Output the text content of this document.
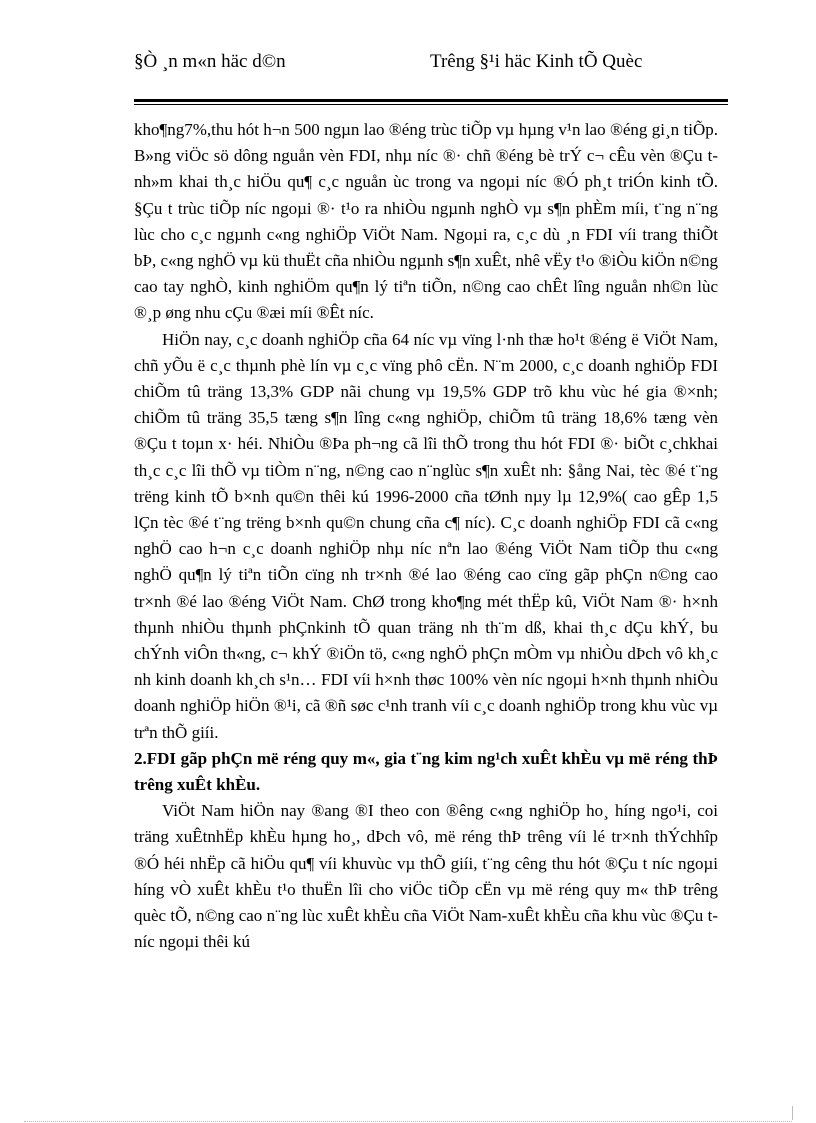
§Ò ¸n m«n häc d©n	Trêng §¹i häc Kinh tÕ Quèc

kho¶ng7%,thu hót h¬n 500 ngµn lao ®éng trùc tiÕp vµ hµng v¹n lao ®éng gi¸n tiÕp. B»ng viÖc sö dông nguån vèn FDI, nhµ níc ®· chñ ®éng bè trÝ c¬ cÊu vèn ®Çu t nh»m khai th¸c hiÖu qu¶ c¸c nguån ùc trong va ngoµi níc ®Ó ph¸t triÓn kinh tÕ. §Çu t trùc tiÕp níc ngoµi ®· t¹o ra nhiÒu ngµnh nghÒ vµ s¶n phÈm míi, t¨ng n¨ng lùc cho c¸c ngµnh c«ng nghiÖp ViÖt Nam. Ngoµi ra, c¸c dù ¸n FDI víi trang thiÕt bÞ, c«ng nghÖ vµ kü thuËt cña nhiÒu ngµnh s¶n xuÊt, nhê vËy t¹o ®iÒu kiÖn n©ng cao tay nghÒ, kinh nghiÖm qu¶n lý tiªn tiÕn, n©ng cao chÊt lîng nguån nh©n lùc ®¸p øng nhu cÇu ®æi míi ®Êt níc.

HiÖn nay, c¸c doanh nghiÖp cña 64 níc vµ vïng l·nh thæ ho¹t ®éng ë ViÖt Nam, chñ yÕu ë c¸c thµnh phè lín vµ c¸c vïng phô cËn. N¨m 2000, c¸c doanh nghiÖp FDI chiÕm tû träng 13,3% GDP nãi chung vµ 19,5% GDP trõ khu vùc hé gia ®×nh; chiÕm tû träng 35,5 tæng s¶n lîng c«ng nghiÖp, chiÕm tû träng 18,6% tæng vèn ®Çu t toµn x· héi. NhiÒu ®Þa ph¬ng cã lîi thÕ trong thu hót FDI ®· biÕt c¸chkhai th¸c c¸c lîi thÕ vµ tiÒm n¨ng, n©ng cao n¨nglùc s¶n xuÊt nh: §ång Nai, tèc ®é t¨ng trëng kinh tÕ b×nh qu©n thêi kú 1996-2000 cña tØnh nµy lµ 12,9%( cao gÊp 1,5 lÇn tèc ®é t¨ng trëng b×nh qu©n chung cña c¶ níc). C¸c doanh nghiÖp FDI cã c«ng nghÖ cao h¬n c¸c doanh nghiÖp nhµ níc nªn lao ®éng ViÖt Nam tiÕp thu c«ng nghÖ qu¶n lý tiªn tiÕn cïng nh tr×nh ®é lao ®éng cao cïng gãp phÇn n©ng cao tr×nh ®é lao ®éng ViÖt Nam. ChØ trong kho¶ng mét thËp kû, ViÖt Nam ®· h×nh thµnh nhiÒu thµnh phÇnkinh tÕ quan träng nh th¨m dß, khai th¸c dÇu khÝ, bu chÝnh viÔn th«ng, c¬ khÝ ®iÖn tö, c«ng nghÖ phÇn mÒm vµ nhiÒu dÞch vô kh¸c nh kinh doanh kh¸ch s¹n… FDI víi h×nh thøc 100% vèn níc ngoµi h×nh thµnh nhiÒu doanh nghiÖp hiÖn ®¹i, cã ®ñ søc c¹nh tranh víi c¸c doanh nghiÖp trong khu vùc vµ trªn thÕ giíi.

2.FDI gãp phÇn më réng quy m«, gia t¨ng kim ng¹ch xuÊt khÈu vµ më réng thÞ trêng xuÊt khÈu.

ViÖt Nam hiÖn nay ®ang ®I theo con ®êng c«ng nghiÖp ho¸ híng ngo¹i, coi träng xuÊtnhËp khÈu hµng ho¸, dÞch vô, më réng thÞ trêng víi lé tr×nh thÝchhîp ®Ó héi nhËp cã hiÖu qu¶ víi khuvùc vµ thÕ giíi, t¨ng cêng thu hót ®Çu t níc ngoµi híng vÒ xuÊt khÈu t¹o thuËn lîi cho viÖc tiÕp cËn vµ më réng quy m« thÞ trêng quèc tÕ, n©ng cao n¨ng lùc xuÊt khÈu cña ViÖt Nam-xuÊt khÈu cña khu vùc ®Çu t níc ngoµi thêi kú
